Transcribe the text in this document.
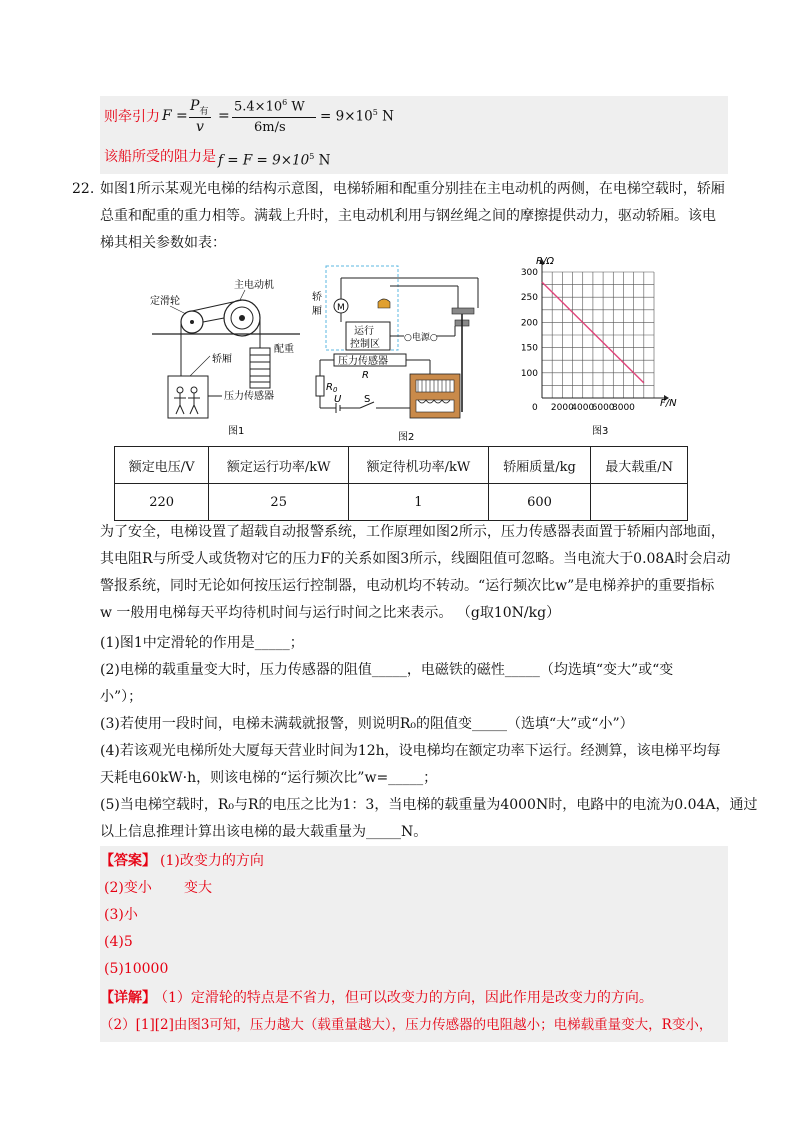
则牵引力 F =
$P_有$
v
=
$5.4\times 10^6$ W
6m/s
= $9\times 10^5$ N
该船所受的阻力是 $f = F = 9\times 10^5$ N
22. 如图1所示某观光电梯的结构示意图，电梯轿厢和配重分别挂在主电动机的两侧，在电梯空载时，轿厢
总重和配重的重力相等。满载上升时，主电动机利用与钢丝绳之间的摩擦提供动力，驱动轿厢。该电
梯其相关参数如表：
定滑轮
主电动机
配重
轿厢
压力传感器
图1
M
运行
控制区
轿
厢
○电源○
压力传感器
R
$R_0$
U S
图2
0 2000
4000
6000
8000
100
150
200
250
300
R/Ω
F/N
图3
额定电压/V	额定运行功率/kW	额定待机功率/kW	轿厢质量/kg	最大载重/N
220	25	1	600	
为了安全，电梯设置了超载自动报警系统，工作原理如图2所示，压力传感器表面置于轿厢内部地面，
其电阻R与所受人或货物对它的压力F的关系如图3所示，线圈阻值可忽略。当电流大于0.08A时会启动
警报系统，同时无论如何按压运行控制器，电动机均不转动。“运行频次比w”是电梯养护的重要指标
w 一般用电梯每天平均待机时间与运行时间之比来表示。 （g取10N/kg）
(1)图1中定滑轮的作用是_____；
(2)电梯的载重量变大时，压力传感器的阻值_____，电磁铁的磁性_____（均选填“变大”或“变
小”）；
(3)若使用一段时间，电梯未满载就报警，则说明R₀的阻值变_____（选填“大”或“小”）
(4)若该观光电梯所处大厦每天营业时间为12h，设电梯均在额定功率下运行。经测算，该电梯平均每
天耗电60kW·h，则该电梯的“运行频次比”w=_____；
(5)当电梯空载时，R₀与R的电压之比为1：3，当电梯的载重量为4000N时，电路中的电流为0.04A，通过
以上信息推理计算出该电梯的最大载重量为_____N。
【答案】 (1)改变力的方向
(2)变小 变大
(3)小
(4)5
(5)10000
【详解】
（1）定滑轮的特点是不省力，但可以改变力的方向，因此作用是改变力的方向。
（2）[1][2]由图3可知，压力越大（载重量越大），压力传感器的电阻越小；电梯载重量变大，R变小，
